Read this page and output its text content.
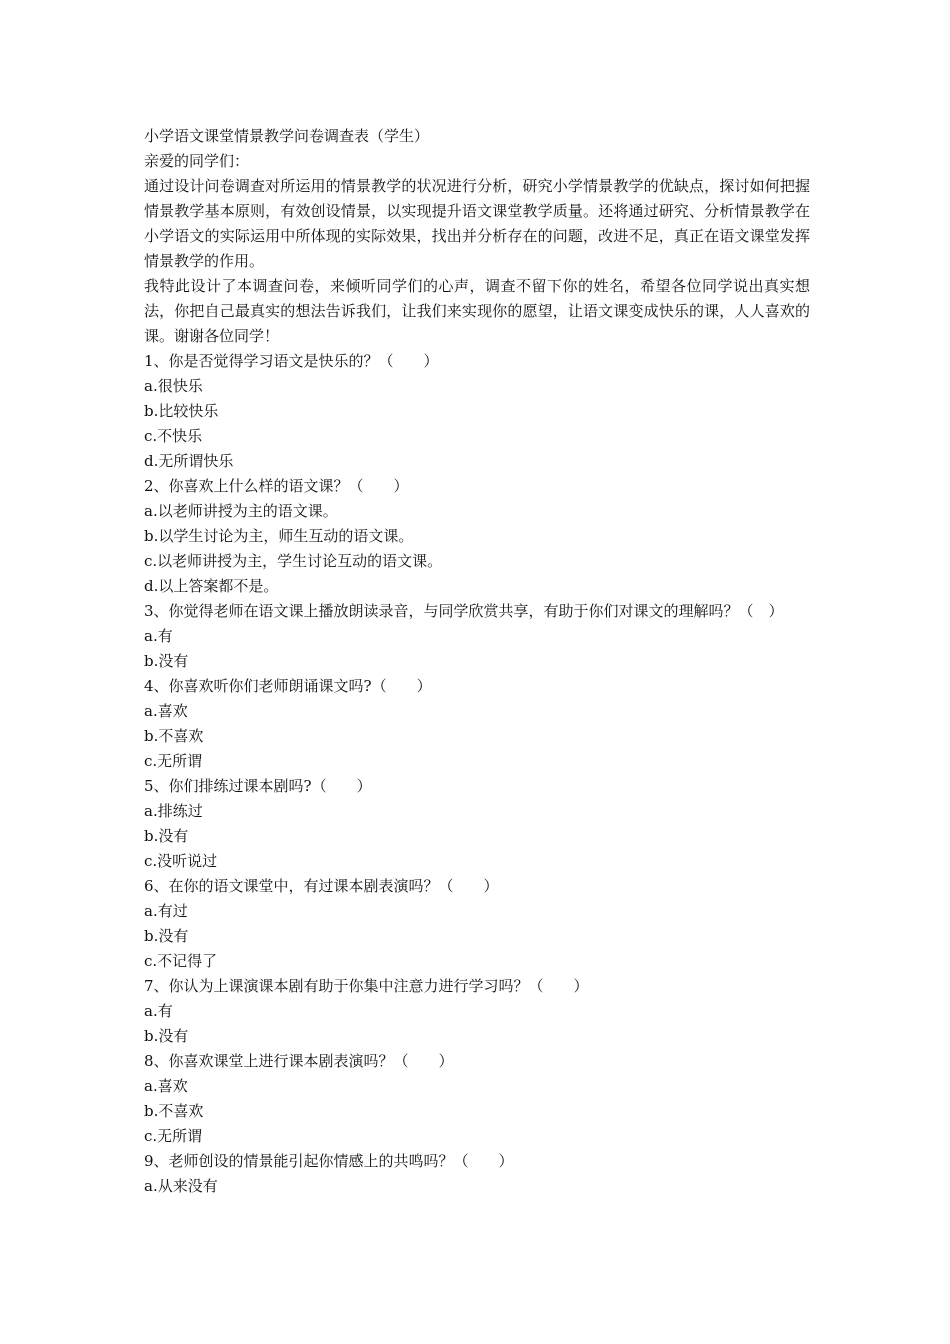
小学语文课堂情景教学问卷调查表（学生）

亲爱的同学们：

通过设计问卷调查对所运用的情景教学的状况进行分析，研究小学情景教学的优缺点，探讨如何把握情景教学基本原则，有效创设情景，以实现提升语文课堂教学质量。还将通过研究、分析情景教学在小学语文的实际运用中所体现的实际效果，找出并分析存在的问题，改进不足，真正在语文课堂发挥情景教学的作用。

我特此设计了本调查问卷，来倾听同学们的心声，调查不留下你的姓名，希望各位同学说出真实想法，你把自己最真实的想法告诉我们，让我们来实现你的愿望，让语文课变成快乐的课，人人喜欢的课。谢谢各位同学！

1、你是否觉得学习语文是快乐的？（　　）

a.很快乐

b.比较快乐

c.不快乐

d.无所谓快乐

2、你喜欢上什么样的语文课？（　　）

a.以老师讲授为主的语文课。

b.以学生讨论为主，师生互动的语文课。

c.以老师讲授为主，学生讨论互动的语文课。

d.以上答案都不是。

3、你觉得老师在语文课上播放朗读录音，与同学欣赏共享，有助于你们对课文的理解吗？（　）

a.有

b.没有

4、你喜欢听你们老师朗诵课文吗?（　　）

a.喜欢

b.不喜欢

c.无所谓

5、你们排练过课本剧吗?（　　）

a.排练过

b.没有

c.没听说过

6、在你的语文课堂中，有过课本剧表演吗？（　　）

a.有过

b.没有

c.不记得了

7、你认为上课演课本剧有助于你集中注意力进行学习吗？（　　）

a.有

b.没有

8、你喜欢课堂上进行课本剧表演吗？（　　）

a.喜欢

b.不喜欢

c.无所谓

9、老师创设的情景能引起你情感上的共鸣吗？（　　）

a.从来没有
